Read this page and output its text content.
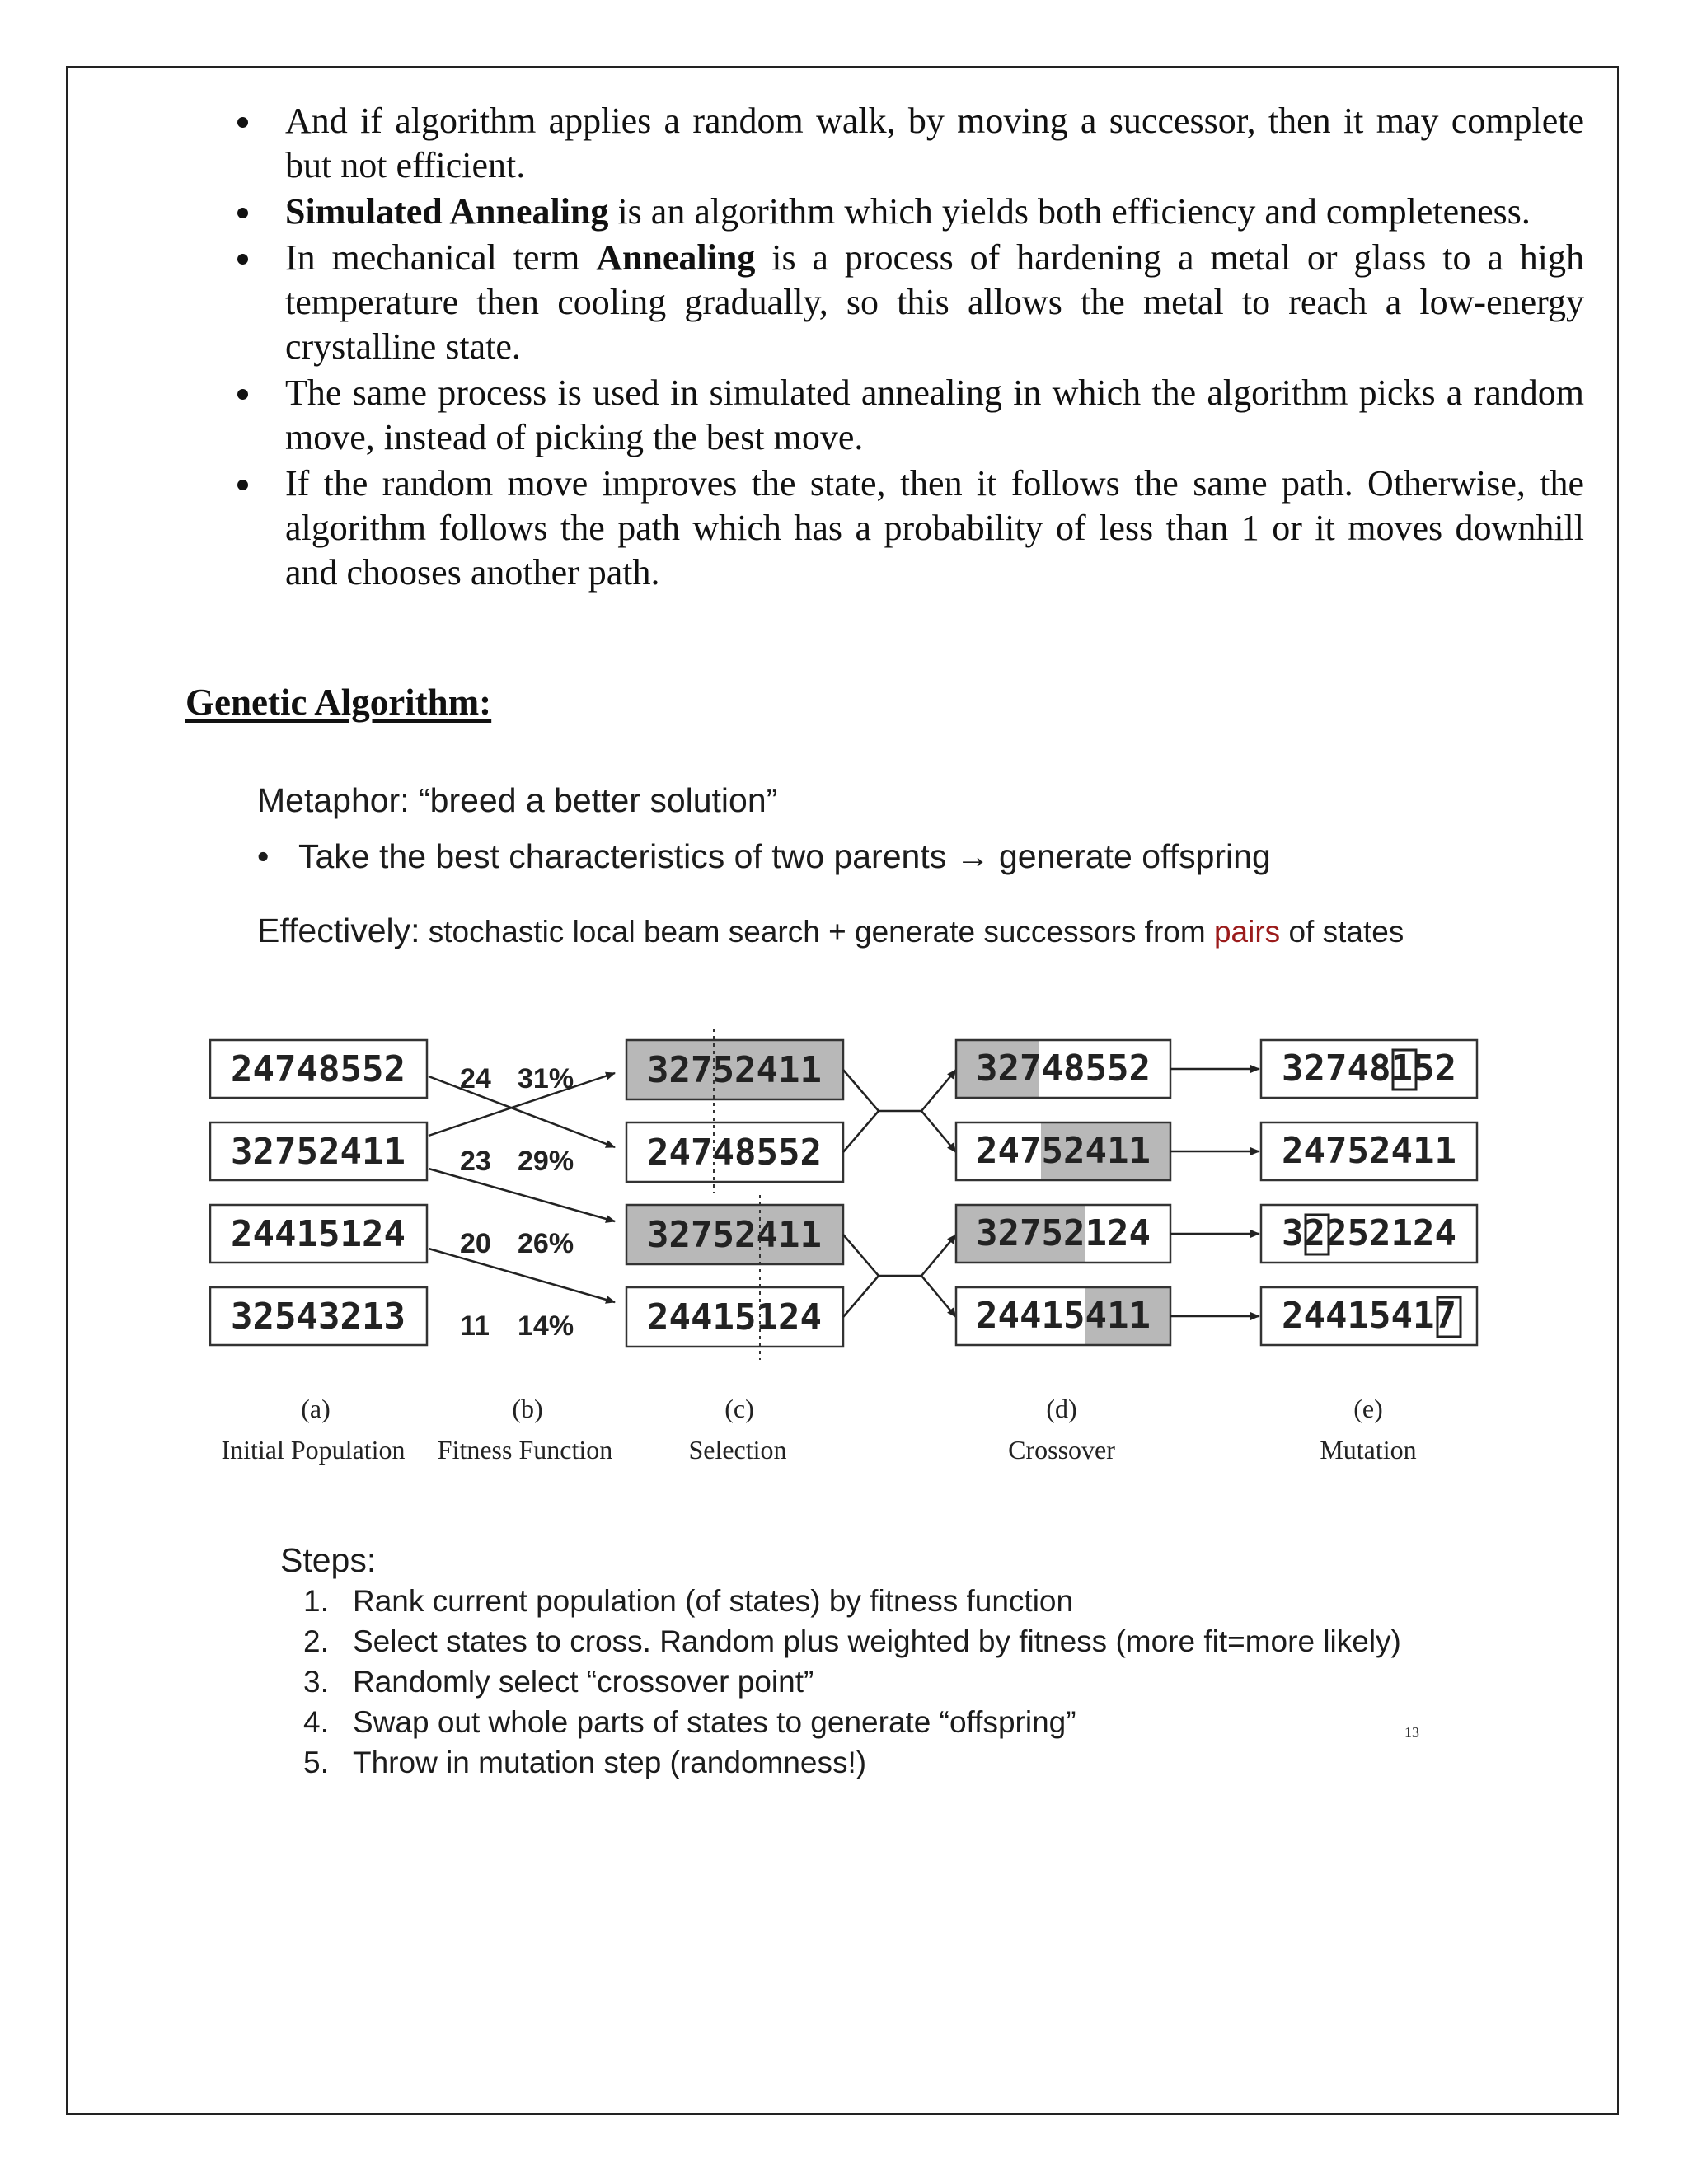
And if algorithm applies a random walk, by moving a successor, then it may complete but not efficient.
Simulated Annealing is an algorithm which yields both efficiency and completeness.
In mechanical term Annealing is a process of hardening a metal or glass to a high temperature then cooling gradually, so this allows the metal to reach a low-energy crystalline state.
The same process is used in simulated annealing in which the algorithm picks a random move, instead of picking the best move.
If the random move improves the state, then it follows the same path. Otherwise, the algorithm follows the path which has a probability of less than 1 or it moves downhill and chooses another path.
Genetic Algorithm:

Metaphor: “breed a better solution”

• Take the best characteristics of two parents → generate offspring

Effectively: stochastic local beam search + generate successors from pairs of states

24748552
32752411
24415124
32543213
24 31%
23 29%
20 26%
11 14%
32752411
24748552
32752411
24415124
32748552
24752411
32752124
24415411
32748152
24752411
32252124
24415417
(a)
Initial Population
(b)
Fitness Function
(c)
Selection
(d)
Crossover
(e)
Mutation

Steps:

1. Rank current population (of states) by fitness function
2. Select states to cross. Random plus weighted by fitness (more fit=more likely)
3. Randomly select “crossover point”
4. Swap out whole parts of states to generate “offspring”
5. Throw in mutation step (randomness!)
13
